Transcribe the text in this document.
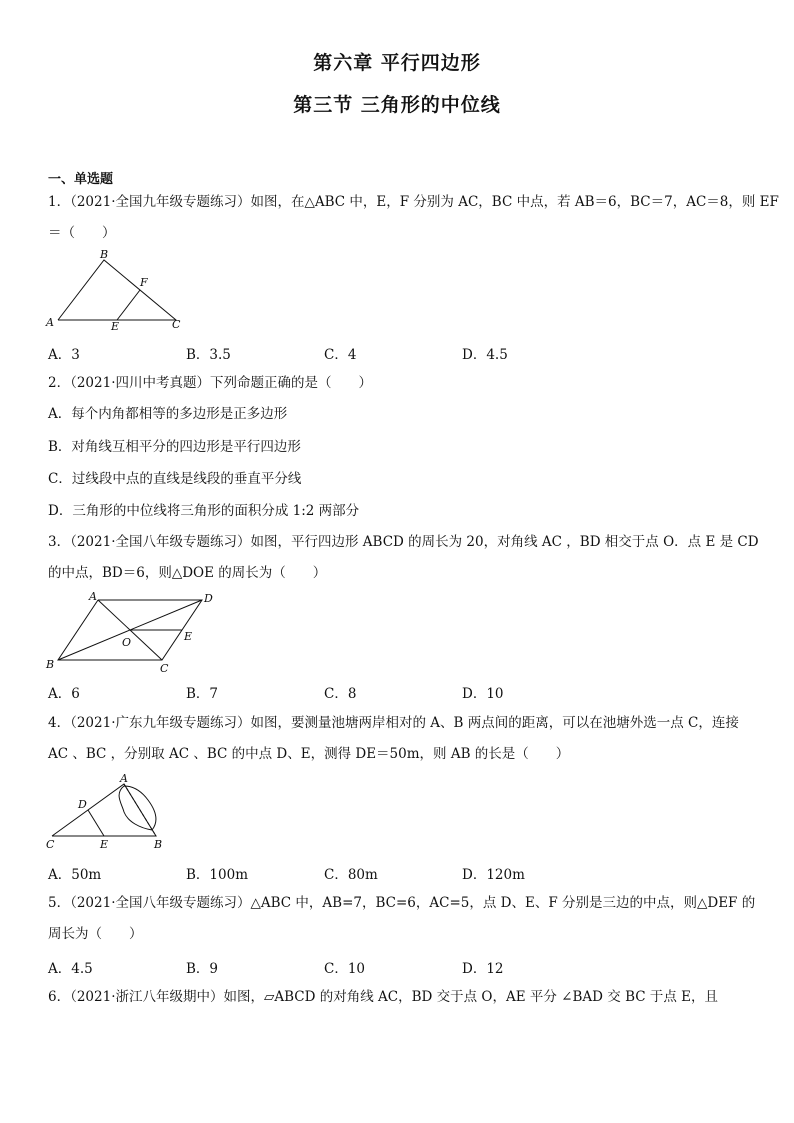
第六章 平行四边形
第三节 三角形的中位线
一、单选题
1．（2021·全国九年级专题练习）如图，在△ABC 中，E，F 分别为 AC，BC 中点，若 AB＝6，BC＝7，AC＝8，则 EF
＝（　　）
B
F
A	E	C
A．3	B．3.5	C．4	D．4.5
2．（2021·四川中考真题）下列命题正确的是（　　）
A．每个内角都相等的多边形是正多边形
B．对角线互相平分的四边形是平行四边形
C．过线段中点的直线是线段的垂直平分线
D．三角形的中位线将三角形的面积分成 1:2 两部分
3．（2021·全国八年级专题练习）如图，平行四边形 ABCD 的周长为 20，对角线 AC ，BD 相交于点 O．点 E 是 CD
的中点，BD＝6，则△DOE 的周长为（　　）
A	D
E
O
B	C
A．6	B．7	C．8	D．10
4．（2021·广东九年级专题练习）如图，要测量池塘两岸相对的 A、B 两点间的距离，可以在池塘外选一点 C，连接
AC 、BC ，分别取 AC 、BC 的中点 D、E，测得 DE＝50m，则 AB 的长是（　　）
A
D
C	E	B
A．50m	B．100m	C．80m	D．120m
5．（2021·全国八年级专题练习）△ABC 中，AB=7，BC=6，AC=5，点 D、E、F 分别是三边的中点，则△DEF 的
周长为（　　）
A．4.5	B．9	C．10	D．12
6．（2021·浙江八年级期中）如图，▱ABCD 的对角线 AC，BD 交于点 O，AE 平分 ∠BAD 交 BC 于点 E，且
